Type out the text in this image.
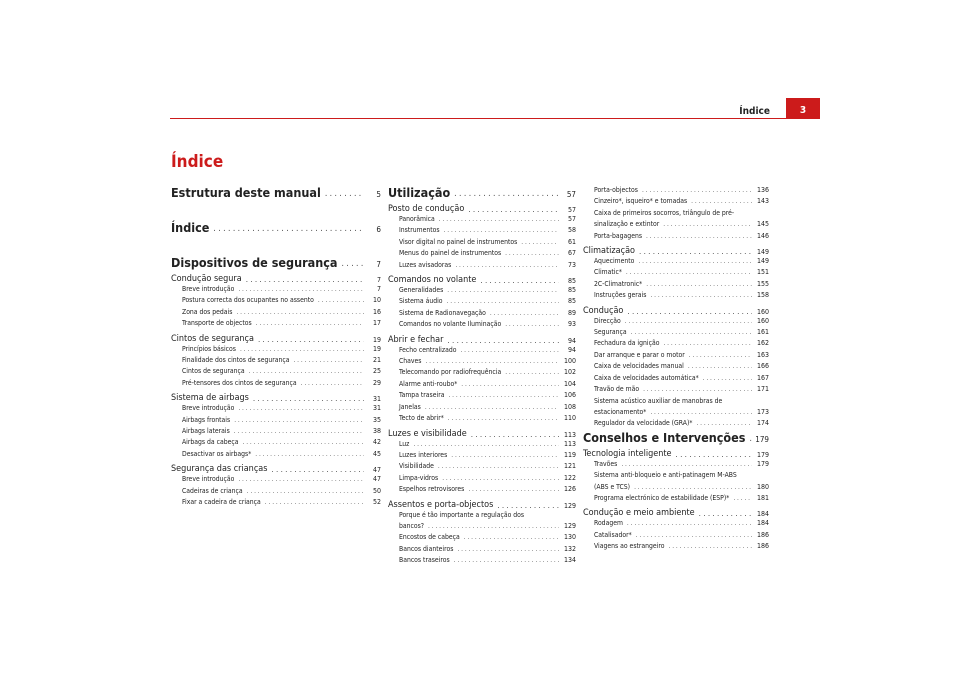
Índice	3
Índice
Estrutura deste manual . . .	5
Índice . . .	6
Dispositivos de segurança . . .	7
Condução segura . . .	7
Breve introdução . . .	7
Postura correcta dos ocupantes no assento . . .	10
Zona dos pedais . . .	16
Transporte de objectos . . .	17
Cintos de segurança . . .	19
Princípios básicos . . .	19
Finalidade dos cintos de segurança . . .	21
Cintos de segurança . . .	25
Pré-tensores dos cintos de segurança . . .	29
Sistema de airbags . . .	31
Breve introdução . . .	31
Airbags frontais . . .	35
Airbags laterais . . .	38
Airbags da cabeça . . .	42
Desactivar os airbags* . . .	45
Segurança das crianças . . .	47
Breve introdução . . .	47
Cadeiras de criança . . .	50
Fixar a cadeira de criança . . .	52
Utilização . . .	57
Posto de condução . . .	57
Panorâmica . . .	57
Instrumentos . . .	58
Visor digital no painel de instrumentos . . .	61
Menus do painel de instrumentos . . .	67
Luzes avisadoras . . .	73
Comandos no volante . . .	85
Generalidades . . .	85
Sistema áudio . . .	85
Sistema de Radionavegação . . .	89
Comandos no volante Iluminação . . .	93
Abrir e fechar . . .	94
Fecho centralizado . . .	94
Chaves . . .	100
Telecomando por radiofrequência . . .	102
Alarme anti-roubo* . . .	104
Tampa traseira . . .	106
Janelas . . .	108
Tecto de abrir* . . .	110
Luzes e visibilidade . . .	113
Luz . . .	113
Luzes interiores . . .	119
Visibilidade . . .	121
Limpa-vidros . . .	122
Espelhos retrovisores . . .	126
Assentos e porta-objectos . . .	129
Porque é tão importante a regulação dos
bancos? . . .	129
Encostos de cabeça . . .	130
Bancos dianteiros . . .	132
Bancos traseiros . . .	134
Porta-objectos . . .	136
Cinzeiro*, isqueiro* e tomadas . . .	143
Caixa de primeiros socorros, triângulo de pré-
sinalização e extintor . . .	145
Porta-bagagens . . .	146
Climatização . . .	149
Aquecimento . . .	149
Climatic* . . .	151
2C-Climatronic* . . .	155
Instruções gerais . . .	158
Condução . . .	160
Direcção . . .	160
Segurança . . .	161
Fechadura da ignição . . .	162
Dar arranque e parar o motor . . .	163
Caixa de velocidades manual . . .	166
Caixa de velocidades automática* . . .	167
Travão de mão . . .	171
Sistema acústico auxiliar de manobras de
estacionamento* . . .	173
Regulador da velocidade (GRA)* . . .	174
Conselhos e Intervenções . . . 179
Tecnologia inteligente . . .	179
Travões . . .	179
Sistema anti-bloqueio e anti-patinagem M-ABS
(ABS e TCS) . . .	180
Programa electrónico de estabilidade (ESP)* . . .	181
Condução e meio ambiente . . .	184
Rodagem . . .	184
Catalisador* . . .	186
Viagens ao estrangeiro . . .	186
